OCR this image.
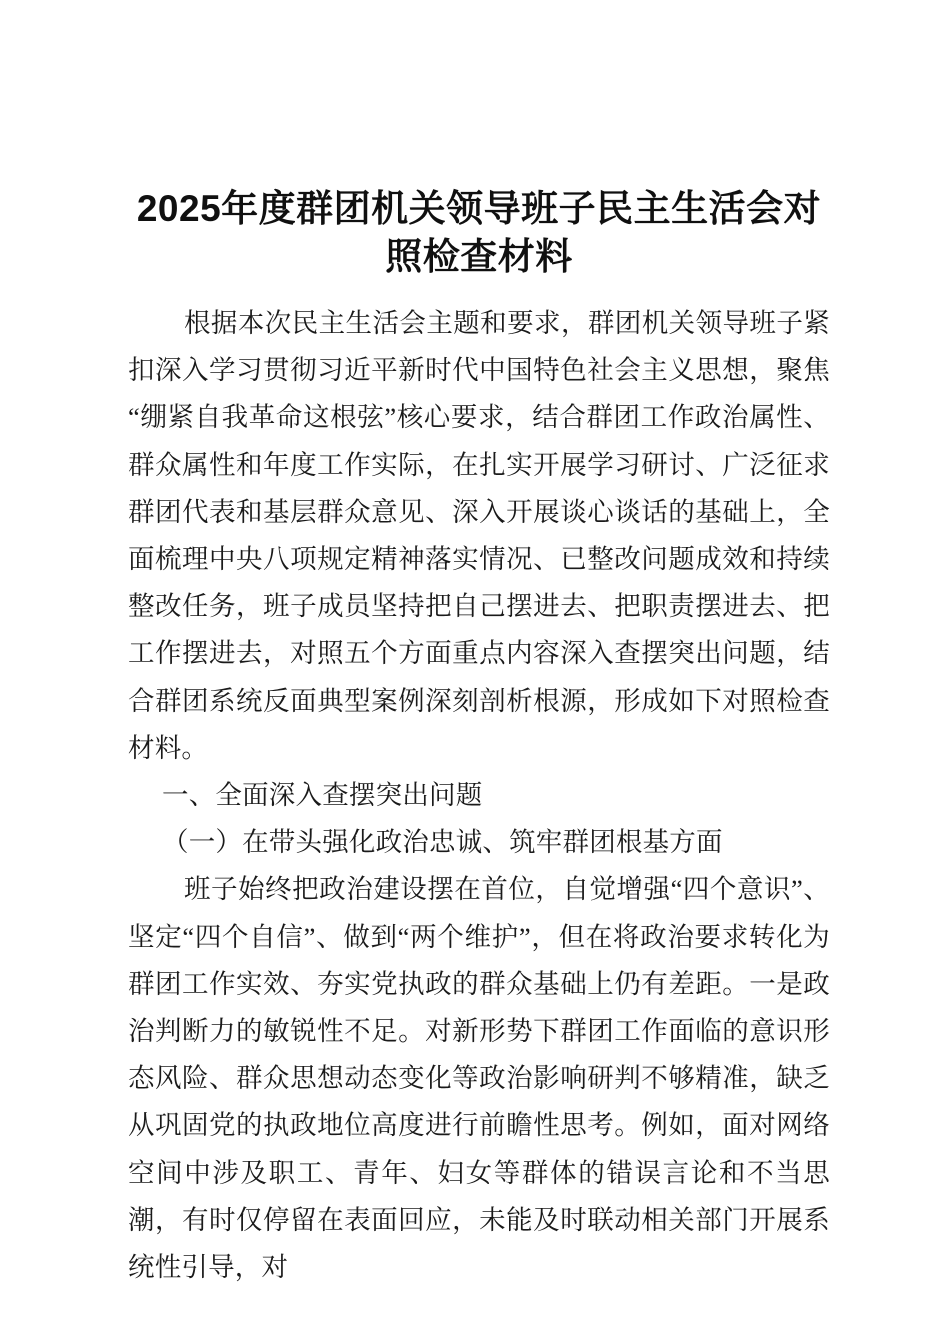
2025年度群团机关领导班子民主生活会对照检查材料

根据本次民主生活会主题和要求，群团机关领导班子紧扣深入学习贯彻习近平新时代中国特色社会主义思想，聚焦“绷紧自我革命这根弦”核心要求，结合群团工作政治属性、群众属性和年度工作实际，在扎实开展学习研讨、广泛征求群团代表和基层群众意见、深入开展谈心谈话的基础上，全面梳理中央八项规定精神落实情况、已整改问题成效和持续整改任务，班子成员坚持把自己摆进去、把职责摆进去、把工作摆进去，对照五个方面重点内容深入查摆突出问题，结合群团系统反面典型案例深刻剖析根源，形成如下对照检查材料。

一、全面深入查摆突出问题

（一）在带头强化政治忠诚、筑牢群团根基方面

班子始终把政治建设摆在首位，自觉增强“四个意识”、坚定“四个自信”、做到“两个维护”，但在将政治要求转化为群团工作实效、夯实党执政的群众基础上仍有差距。一是政治判断力的敏锐性不足。对新形势下群团工作面临的意识形态风险、群众思想动态变化等政治影响研判不够精准，缺乏从巩固党的执政地位高度进行前瞻性思考。例如，面对网络空间中涉及职工、青年、妇女等群体的错误言论和不当思潮，有时仅停留在表面回应，未能及时联动相关部门开展系统性引导，对
